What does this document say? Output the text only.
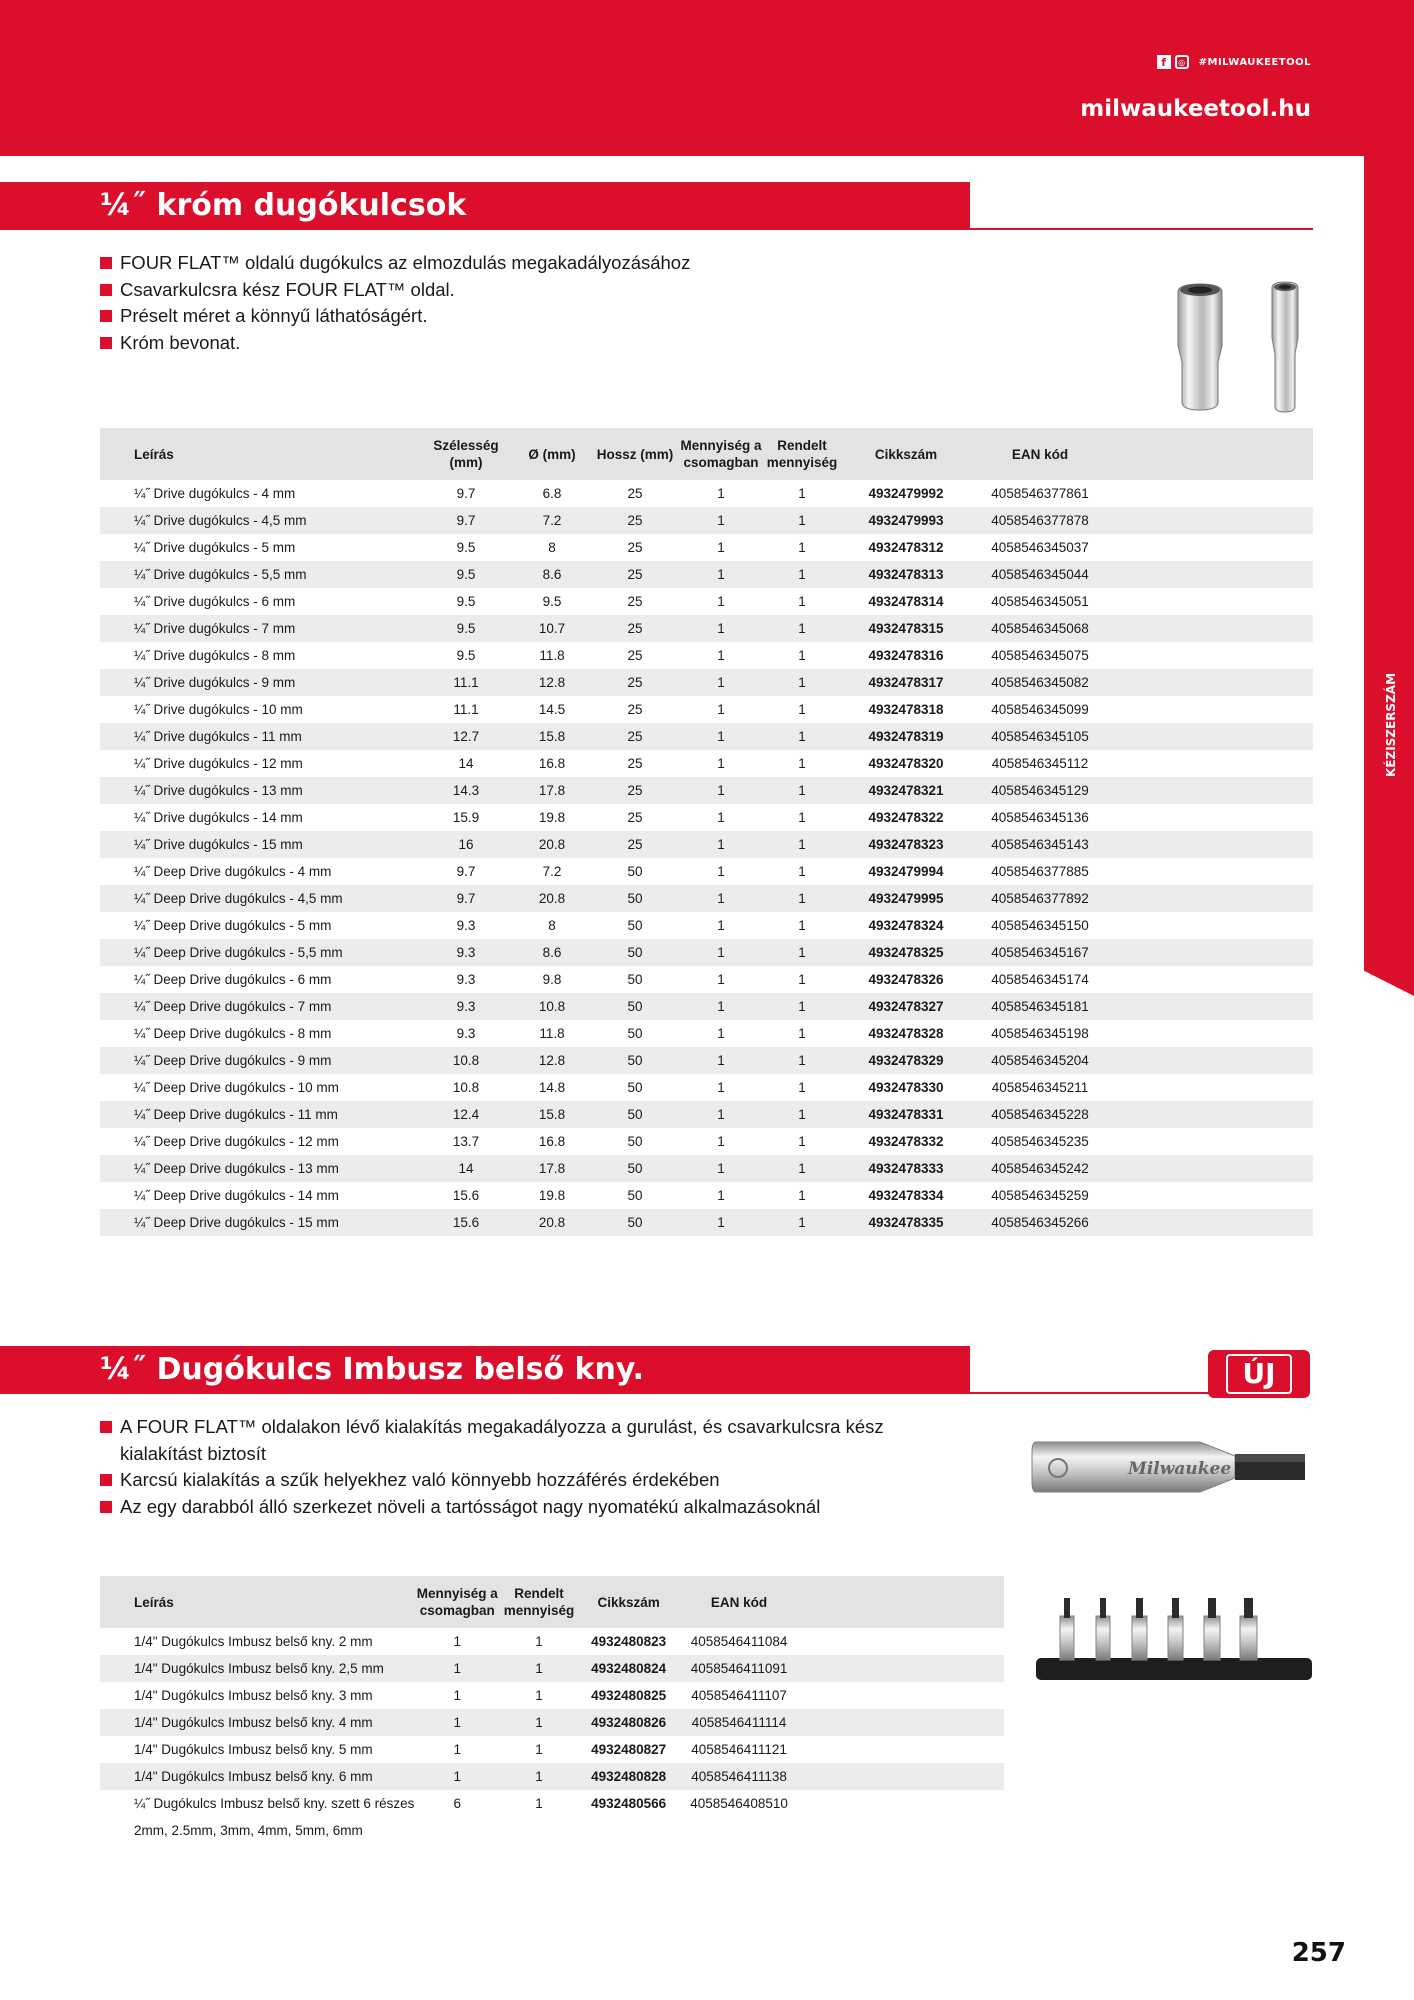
f	◎	#MILWAUKEETOOL
milwaukeetool.hu
KÉZISZERSZÁM
¼˝ króm dugókulcsok
FOUR FLAT™ oldalú dugókulcs az elmozdulás megakadályozásához
Csavarkulcsra kész FOUR FLAT™ oldal.
Préselt méret a könnyű láthatóságért.
Króm bevonat.
Leírás	Szélesség (mm)	Ø (mm)	Hossz (mm)	Mennyiség a csomagban	Rendelt mennyiség	Cikkszám	EAN kód	
¼˝ Drive dugókulcs - 4 mm	9.7	6.8	25	1	1	4932479992	4058546377861	
¼˝ Drive dugókulcs - 4,5 mm	9.7	7.2	25	1	1	4932479993	4058546377878	
¼˝ Drive dugókulcs - 5 mm	9.5	8	25	1	1	4932478312	4058546345037	
¼˝ Drive dugókulcs - 5,5 mm	9.5	8.6	25	1	1	4932478313	4058546345044	
¼˝ Drive dugókulcs - 6 mm	9.5	9.5	25	1	1	4932478314	4058546345051	
¼˝ Drive dugókulcs - 7 mm	9.5	10.7	25	1	1	4932478315	4058546345068	
¼˝ Drive dugókulcs - 8 mm	9.5	11.8	25	1	1	4932478316	4058546345075	
¼˝ Drive dugókulcs - 9 mm	11.1	12.8	25	1	1	4932478317	4058546345082	
¼˝ Drive dugókulcs - 10 mm	11.1	14.5	25	1	1	4932478318	4058546345099	
¼˝ Drive dugókulcs - 11 mm	12.7	15.8	25	1	1	4932478319	4058546345105	
¼˝ Drive dugókulcs - 12 mm	14	16.8	25	1	1	4932478320	4058546345112	
¼˝ Drive dugókulcs - 13 mm	14.3	17.8	25	1	1	4932478321	4058546345129	
¼˝ Drive dugókulcs - 14 mm	15.9	19.8	25	1	1	4932478322	4058546345136	
¼˝ Drive dugókulcs - 15 mm	16	20.8	25	1	1	4932478323	4058546345143	
¼˝ Deep Drive dugókulcs - 4 mm	9.7	7.2	50	1	1	4932479994	4058546377885	
¼˝ Deep Drive dugókulcs - 4,5 mm	9.7	20.8	50	1	1	4932479995	4058546377892	
¼˝ Deep Drive dugókulcs - 5 mm	9.3	8	50	1	1	4932478324	4058546345150	
¼˝ Deep Drive dugókulcs - 5,5 mm	9.3	8.6	50	1	1	4932478325	4058546345167	
¼˝ Deep Drive dugókulcs - 6 mm	9.3	9.8	50	1	1	4932478326	4058546345174	
¼˝ Deep Drive dugókulcs - 7 mm	9.3	10.8	50	1	1	4932478327	4058546345181	
¼˝ Deep Drive dugókulcs - 8 mm	9.3	11.8	50	1	1	4932478328	4058546345198	
¼˝ Deep Drive dugókulcs - 9 mm	10.8	12.8	50	1	1	4932478329	4058546345204	
¼˝ Deep Drive dugókulcs - 10 mm	10.8	14.8	50	1	1	4932478330	4058546345211	
¼˝ Deep Drive dugókulcs - 11 mm	12.4	15.8	50	1	1	4932478331	4058546345228	
¼˝ Deep Drive dugókulcs - 12 mm	13.7	16.8	50	1	1	4932478332	4058546345235	
¼˝ Deep Drive dugókulcs - 13 mm	14	17.8	50	1	1	4932478333	4058546345242	
¼˝ Deep Drive dugókulcs - 14 mm	15.6	19.8	50	1	1	4932478334	4058546345259	
¼˝ Deep Drive dugókulcs - 15 mm	15.6	20.8	50	1	1	4932478335	4058546345266	
¼˝ Dugókulcs Imbusz belső kny.	ÚJ
A FOUR FLAT™ oldalakon lévő kialakítás megakadályozza a gurulást, és csavarkulcsra kész kialakítást biztosít
Karcsú kialakítás a szűk helyekhez való könnyebb hozzáférés érdekében
Az egy darabból álló szerkezet növeli a tartósságot nagy nyomatékú alkalmazásoknál
Milwaukee
Leírás	Mennyiség a csomagban	Rendelt mennyiség	Cikkszám	EAN kód	
1/4" Dugókulcs Imbusz belső kny. 2 mm	1	1	4932480823	4058546411084	
1/4" Dugókulcs Imbusz belső kny. 2,5 mm	1	1	4932480824	4058546411091	
1/4" Dugókulcs Imbusz belső kny. 3 mm	1	1	4932480825	4058546411107	
1/4" Dugókulcs Imbusz belső kny. 4 mm	1	1	4932480826	4058546411114	
1/4" Dugókulcs Imbusz belső kny. 5 mm	1	1	4932480827	4058546411121	
1/4" Dugókulcs Imbusz belső kny. 6 mm	1	1	4932480828	4058546411138	
¼˝ Dugókulcs Imbusz belső kny. szett 6 részes	6	1	4932480566	4058546408510	
2mm, 2.5mm, 3mm, 4mm, 5mm, 6mm					
257
